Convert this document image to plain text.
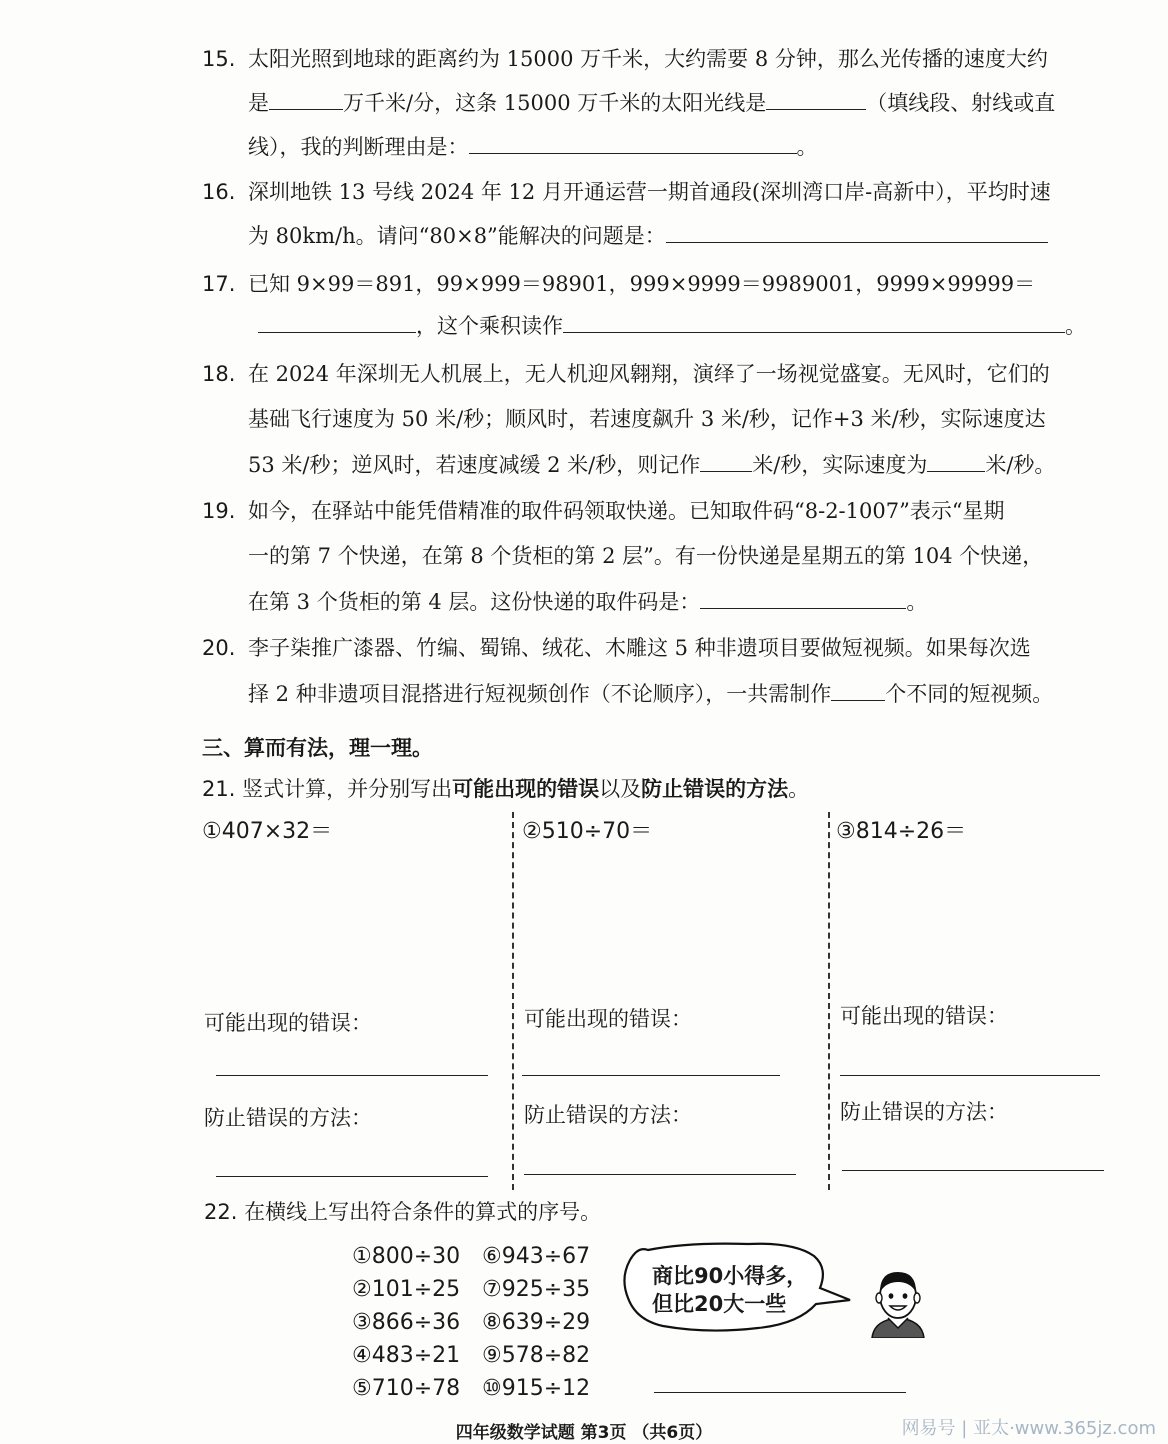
15. 太阳光照到地球的距离约为 15000 万千米，大约需要 8 分钟，那么光传播的速度大约
是	万千米/分，这条 15000 万千米的太阳光线是	（填线段、射线或直
线），我的判断理由是：	。
16. 深圳地铁 13 号线 2024 年 12 月开通运营一期首通段(深圳湾口岸-高新中），平均时速
为 80km/h。请问“80×8”能解决的问题是：
17. 已知 9×99＝891，99×999＝98901，999×9999＝9989001，9999×99999＝
，这个乘积读作	。
18. 在 2024 年深圳无人机展上，无人机迎风翱翔，演绎了一场视觉盛宴。无风时，它们的
基础飞行速度为 50 米/秒；顺风时，若速度飙升 3 米/秒，记作+3 米/秒，实际速度达
53 米/秒；逆风时，若速度减缓 2 米/秒，则记作 米/秒，实际速度为	米/秒。
19. 如今，在驿站中能凭借精准的取件码领取快递。已知取件码“8-2-1007”表示“星期
一的第 7 个快递，在第 8 个货柜的第 2 层”。有一份快递是星期五的第 104 个快递，
在第 3 个货柜的第 4 层。这份快递的取件码是：	。
20. 李子柒推广漆器、竹编、蜀锦、绒花、木雕这 5 种非遗项目要做短视频。如果每次选
择 2 种非遗项目混搭进行短视频创作（不论顺序），一共需制作	个不同的短视频。
三、算而有法，理一理。
21. 竖式计算，并分别写出可能出现的错误以及防止错误的方法。
①407×32＝	②510÷70＝	③814÷26＝
可能出现的错误：	可能出现的错误：	可能出现的错误：
防止错误的方法：	防止错误的方法：	防止错误的方法：
22. 在横线上写出符合条件的算式的序号。
①800÷30
②101÷25
③866÷36
④483÷21
⑤710÷78
⑥943÷67
⑦925÷35
⑧639÷29
⑨578÷82
⑩915÷12
商比90小得多，
但比20大一些
四年级数学试题 第3页 （共6页）	网易号 | 亚太·www.365jz.com
